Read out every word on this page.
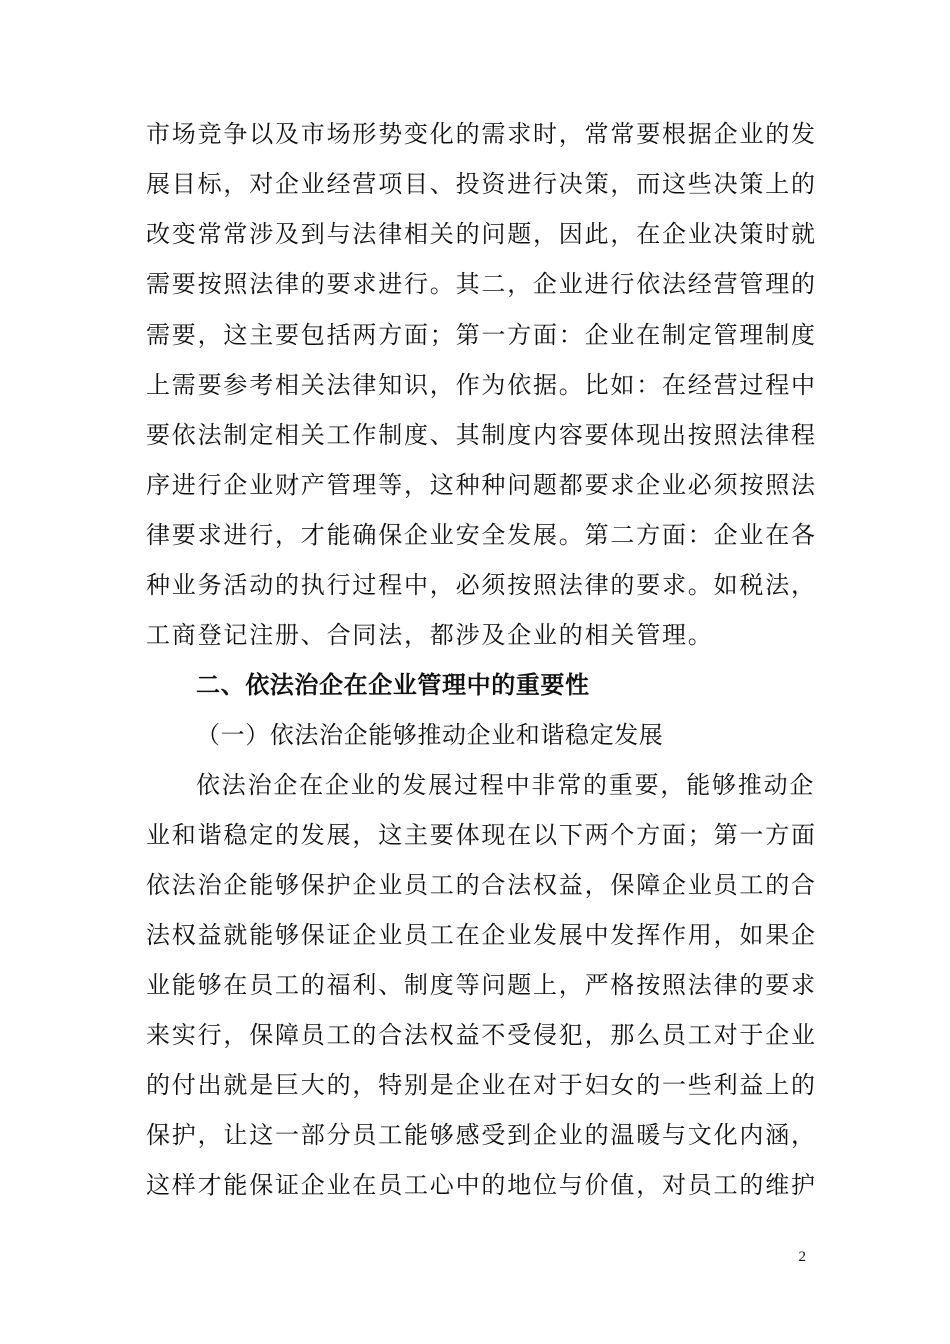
市场竞争以及市场形势变化的需求时，常常要根据企业的发
展目标，对企业经营项目、投资进行决策，而这些决策上的
改变常常涉及到与法律相关的问题，因此，在企业决策时就
需要按照法律的要求进行。其二，企业进行依法经营管理的
需要，这主要包括两方面；第一方面：企业在制定管理制度
上需要参考相关法律知识，作为依据。比如：在经营过程中
要依法制定相关工作制度、其制度内容要体现出按照法律程
序进行企业财产管理等，这种种问题都要求企业必须按照法
律要求进行，才能确保企业安全发展。第二方面：企业在各
种业务活动的执行过程中，必须按照法律的要求。如税法，
工商登记注册、合同法，都涉及企业的相关管理。
二、依法治企在企业管理中的重要性
（一）依法治企能够推动企业和谐稳定发展
依法治企在企业的发展过程中非常的重要，能够推动企
业和谐稳定的发展，这主要体现在以下两个方面；第一方面
依法治企能够保护企业员工的合法权益，保障企业员工的合
法权益就能够保证企业员工在企业发展中发挥作用，如果企
业能够在员工的福利、制度等问题上，严格按照法律的要求
来实行，保障员工的合法权益不受侵犯，那么员工对于企业
的付出就是巨大的，特别是企业在对于妇女的一些利益上的
保护，让这一部分员工能够感受到企业的温暖与文化内涵，
这样才能保证企业在员工心中的地位与价值，对员工的维护
2
